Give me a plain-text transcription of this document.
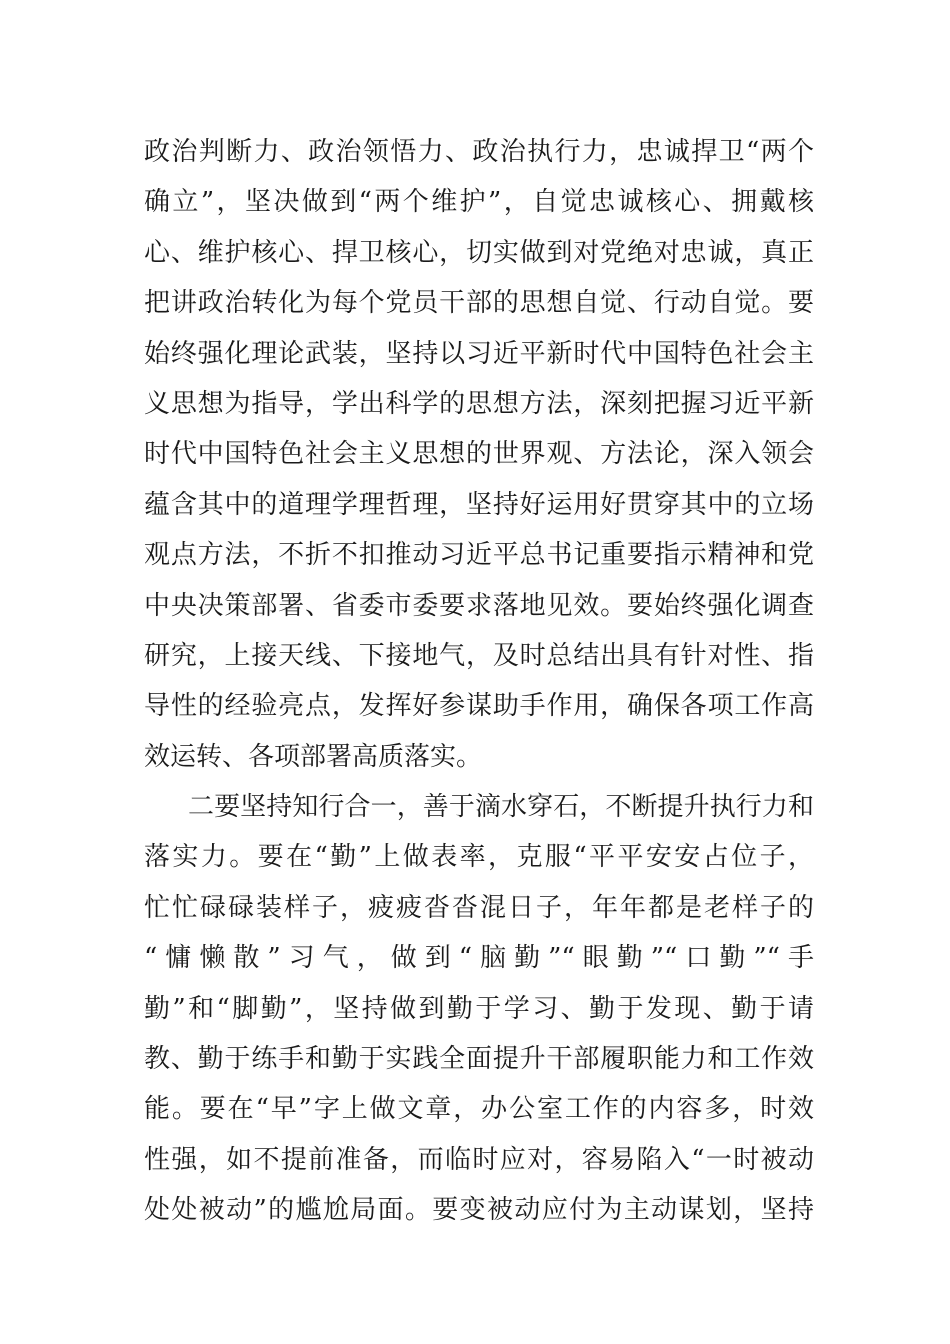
政治判断力、政治领悟力、政治执行力，忠诚捍卫“两个
确立”，坚决做到“两个维护”，自觉忠诚核心、拥戴核
心、维护核心、捍卫核心，切实做到对党绝对忠诚，真正
把讲政治转化为每个党员干部的思想自觉、行动自觉。要
始终强化理论武装，坚持以习近平新时代中国特色社会主
义思想为指导，学出科学的思想方法，深刻把握习近平新
时代中国特色社会主义思想的世界观、方法论，深入领会
蕴含其中的道理学理哲理，坚持好运用好贯穿其中的立场
观点方法，不折不扣推动习近平总书记重要指示精神和党
中央决策部署、省委市委要求落地见效。要始终强化调查
研究，上接天线、下接地气，及时总结出具有针对性、指
导性的经验亮点，发挥好参谋助手作用，确保各项工作高
效运转、各项部署高质落实。
二要坚持知行合一，善于滴水穿石，不断提升执行力和
落实力。要在“勤”上做表率，克服“平平安安占位子，
忙忙碌碌装样子，疲疲沓沓混日子，年年都是老样子的
“慵懒散”习气，做到“脑勤”“眼勤”“口勤”“手
勤”和“脚勤”，坚持做到勤于学习、勤于发现、勤于请
教、勤于练手和勤于实践全面提升干部履职能力和工作效
能。要在“早”字上做文章，办公室工作的内容多，时效
性强，如不提前准备，而临时应对，容易陷入“一时被动
处处被动”的尴尬局面。要变被动应付为主动谋划，坚持
